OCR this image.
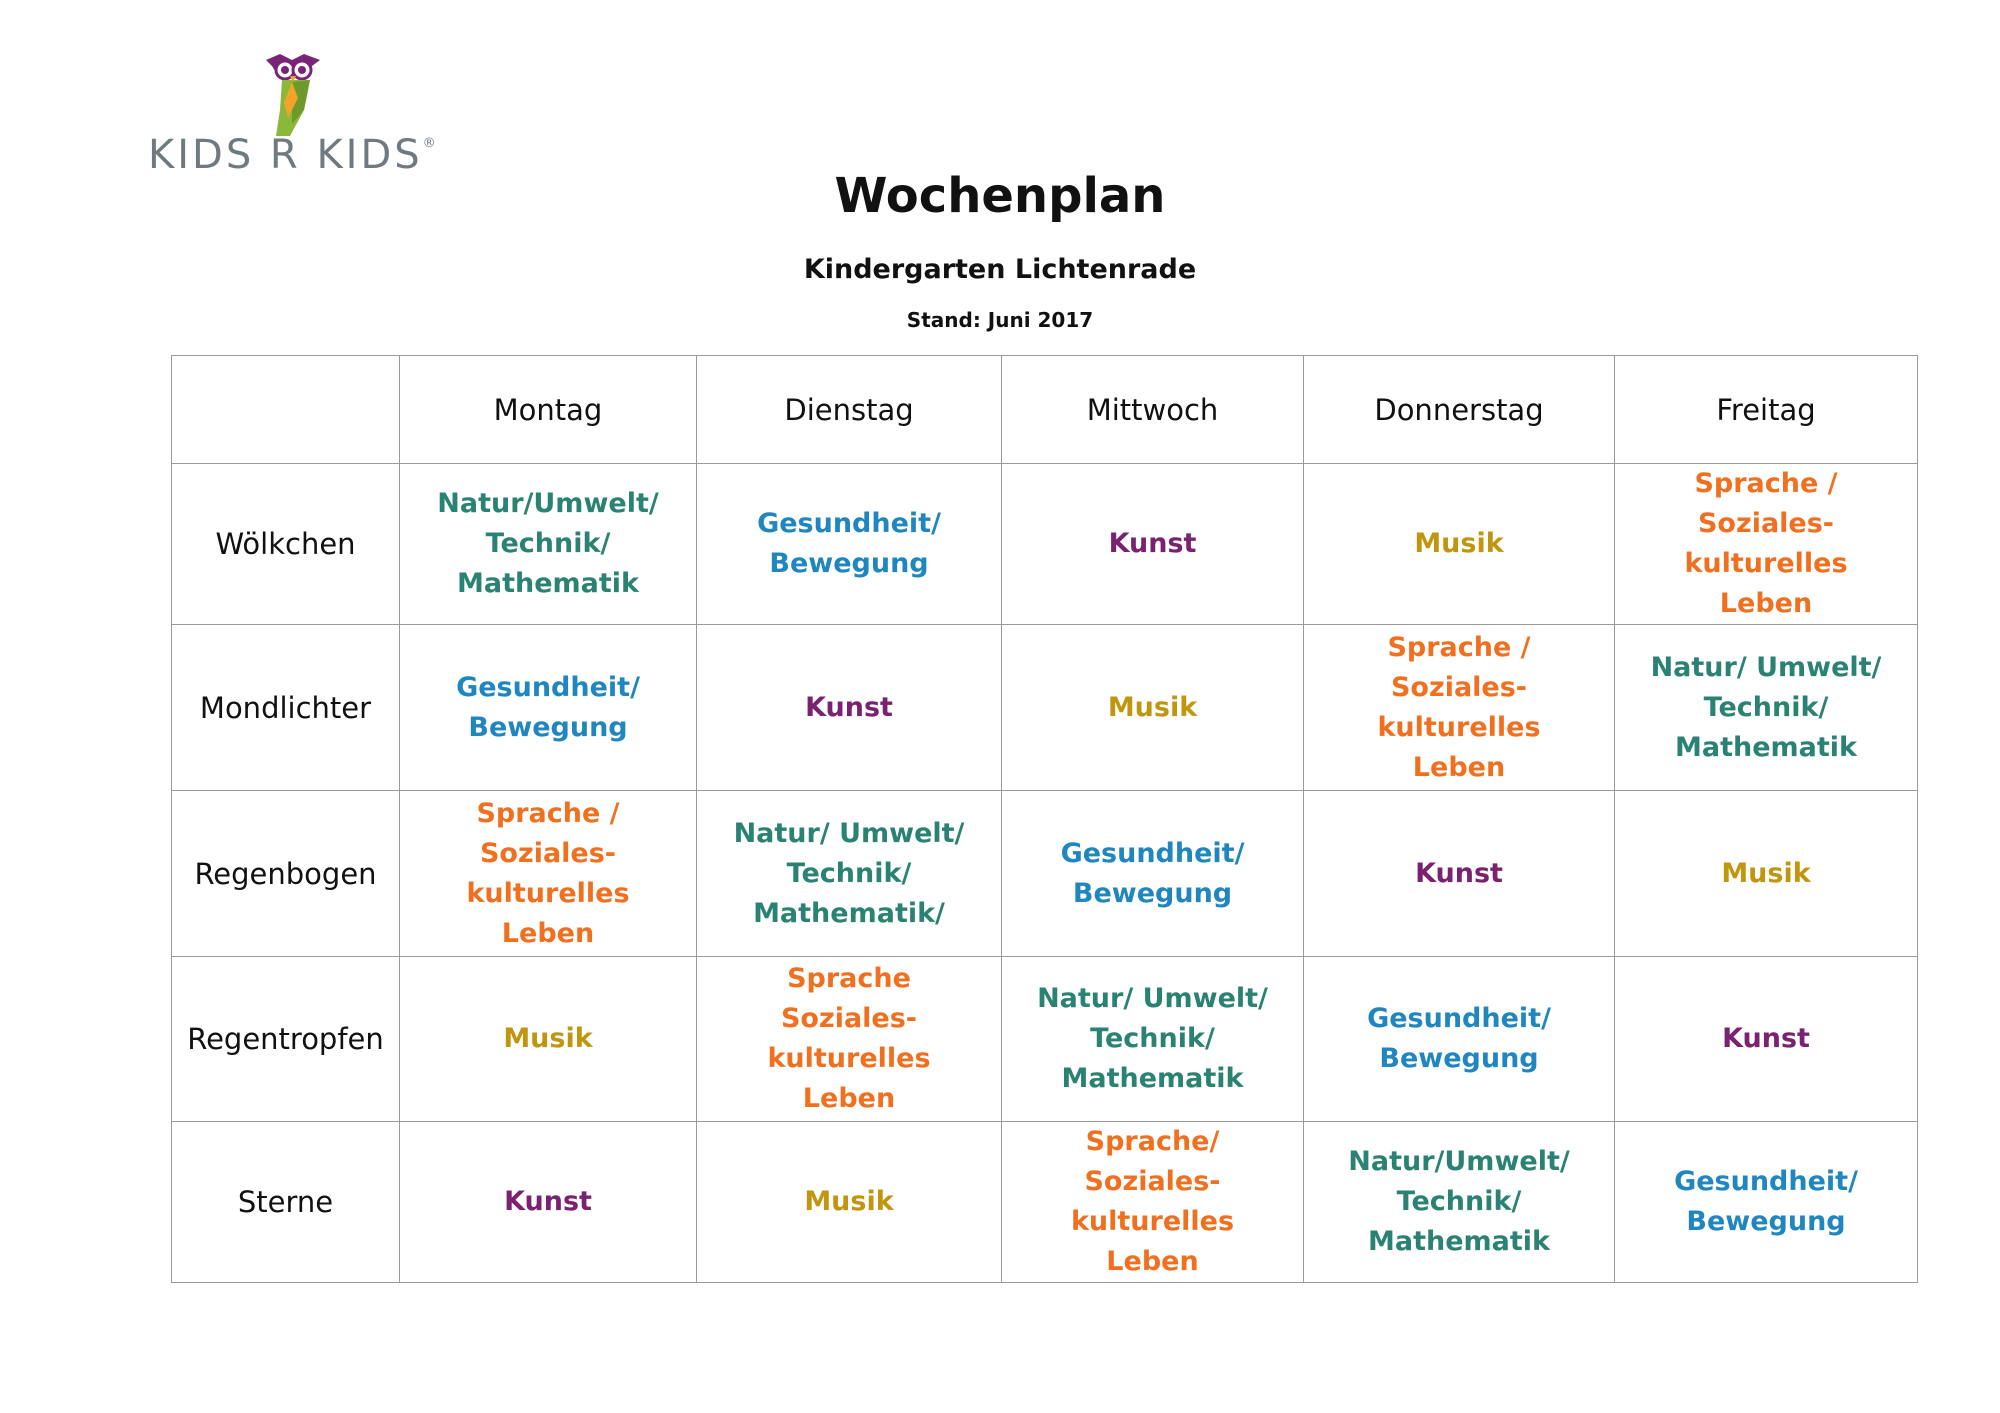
KIDS R KIDS®
Wochenplan
Kindergarten Lichtenrade
Stand: Juni 2017
	Montag	Dienstag	Mittwoch	Donnerstag	Freitag
Wölkchen	Natur/Umwelt/
Technik/
Mathematik	Gesundheit/
Bewegung	Kunst	Musik	Sprache /
Soziales-kulturelles
Leben
Mondlichter	Gesundheit/
Bewegung	Kunst	Musik	Sprache /
Soziales-kulturelles
Leben	Natur/ Umwelt/
Technik/
Mathematik
Regenbogen	Sprache /
Soziales-kulturelles
Leben	Natur/ Umwelt/
Technik/
Mathematik/	Gesundheit/
Bewegung	Kunst	Musik
Regentropfen	Musik	Sprache
Soziales-kulturelles
Leben	Natur/ Umwelt/
Technik/
Mathematik	Gesundheit/
Bewegung	Kunst
Sterne	Kunst	Musik	Sprache/
Soziales-kulturelles
Leben	Natur/Umwelt/
Technik/
Mathematik	Gesundheit/
Bewegung
